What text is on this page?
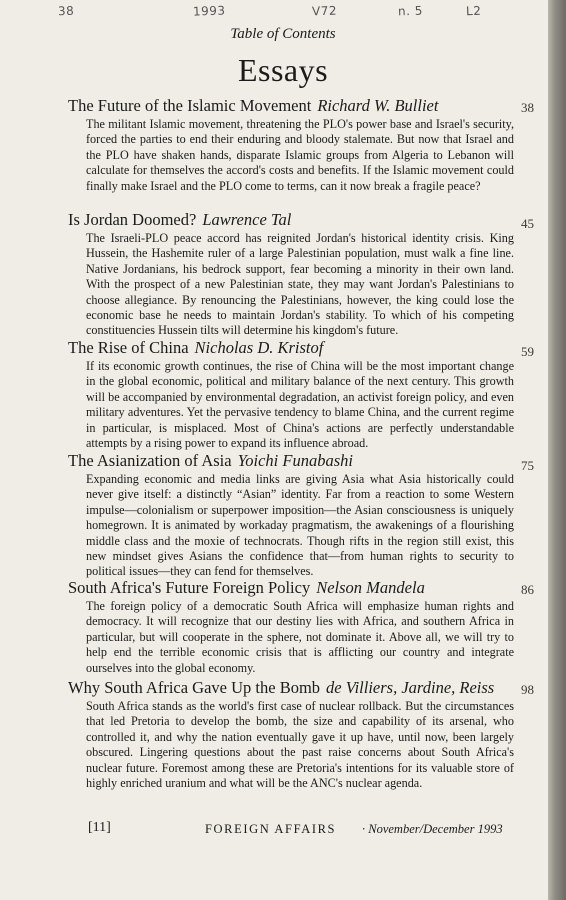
38	1993	V72	n. 5	L2
Table of Contents
Essays
The Future of the Islamic Movement Richard W. Bulliet
The militant Islamic movement, threatening the PLO's power base and Israel's security, forced the parties to end their enduring and bloody stalemate. But now that Israel and the PLO have shaken hands, disparate Islamic groups from Algeria to Lebanon will calculate for themselves the accord's costs and benefits. If the Islamic movement could finally make Israel and the PLO come to terms, can it now break a fragile peace?
38
Is Jordan Doomed? Lawrence Tal
The Israeli-PLO peace accord has reignited Jordan's historical identity crisis. King Hussein, the Hashemite ruler of a large Palestinian population, must walk a fine line. Native Jordanians, his bedrock support, fear becoming a minority in their own land. With the prospect of a new Palestinian state, they may want Jordan's Palestinians to choose allegiance. By renouncing the Palestinians, however, the king could lose the economic base he needs to maintain Jordan's stability. To which of his competing constituencies Hussein tilts will determine his kingdom's future.
45
The Rise of China Nicholas D. Kristof
If its economic growth continues, the rise of China will be the most important change in the global economic, political and military balance of the next century. This growth will be accompanied by environmental degradation, an activist foreign policy, and even military adventures. Yet the pervasive tendency to blame China, and the current regime in particular, is misplaced. Most of China's actions are perfectly understandable attempts by a rising power to expand its influence abroad.
59
The Asianization of Asia Yoichi Funabashi
Expanding economic and media links are giving Asia what Asia historically could never give itself: a distinctly “Asian” identity. Far from a reaction to some Western impulse—colonialism or superpower imposition—the Asian consciousness is uniquely homegrown. It is animated by workaday pragmatism, the awakenings of a flourishing middle class and the moxie of technocrats. Though rifts in the region still exist, this new mindset gives Asians the confidence that—from human rights to security to political issues—they can fend for themselves.
75
South Africa's Future Foreign Policy Nelson Mandela
The foreign policy of a democratic South Africa will emphasize human rights and democracy. It will recognize that our destiny lies with Africa, and southern Africa in particular, but will cooperate in the sphere, not dominate it. Above all, we will try to help end the terrible economic crisis that is afflicting our country and integrate ourselves into the global economy.
86
Why South Africa Gave Up the Bomb de Villiers, Jardine, Reiss
South Africa stands as the world's first case of nuclear rollback. But the circumstances that led Pretoria to develop the bomb, the size and capability of its arsenal, who controlled it, and why the nation eventually gave it up have, until now, been largely obscured. Lingering questions about the past raise concerns about South Africa's nuclear future. Foremost among these are Pretoria's intentions for its valuable store of highly enriched uranium and what will be the ANC's nuclear agenda.
98
[11]	FOREIGN AFFAIRS · November/December 1993
